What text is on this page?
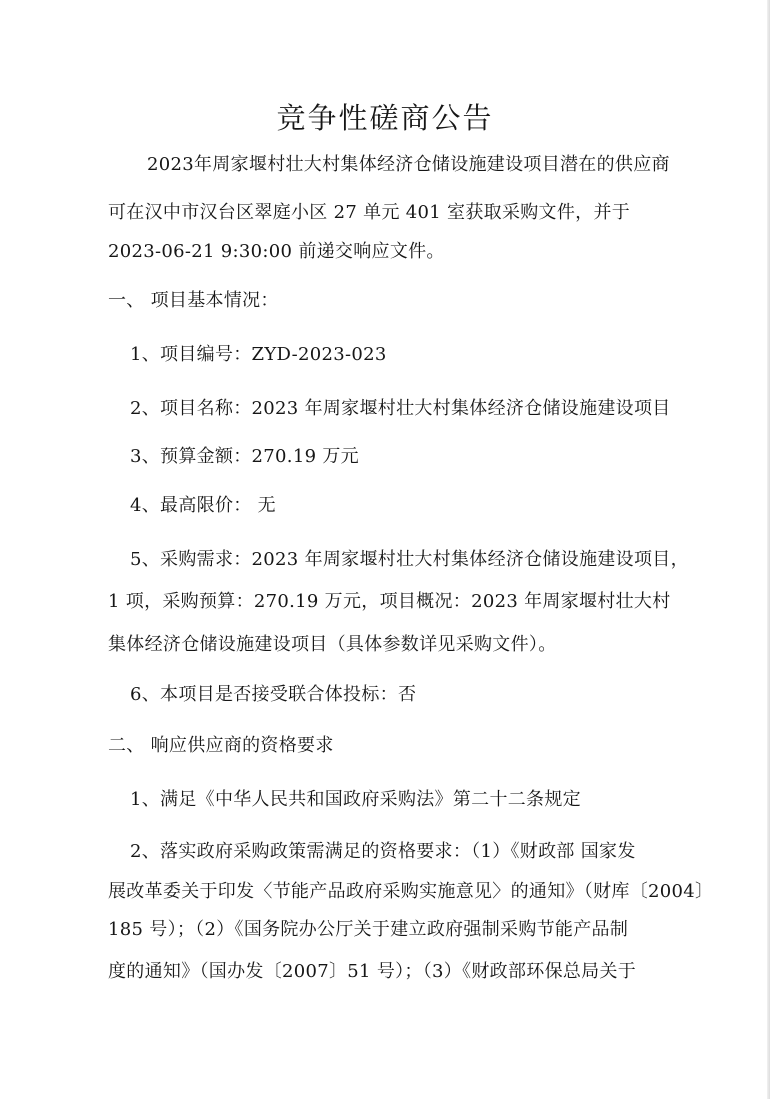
竞争性磋商公告
2023年周家堰村壮大村集体经济仓储设施建设项目潜在的供应商
可在汉中市汉台区翠庭小区 27 单元 401 室获取采购文件，并于
2023-06-21 9:30:00 前递交响应文件。
一、 项目基本情况：
1、项目编号：ZYD-2023-023
2、项目名称：2023 年周家堰村壮大村集体经济仓储设施建设项目
3、预算金额：270.19 万元
4、最高限价： 无
5、采购需求：2023 年周家堰村壮大村集体经济仓储设施建设项目，
1 项，采购预算：270.19 万元，项目概况：2023 年周家堰村壮大村
集体经济仓储设施建设项目（具体参数详见采购文件）。
6、本项目是否接受联合体投标：否
二、 响应供应商的资格要求
1、满足《中华人民共和国政府采购法》第二十二条规定
2、落实政府采购政策需满足的资格要求：（1）《财政部 国家发
展改革委关于印发〈节能产品政府采购实施意见〉的通知》（财库〔2004〕
185 号）；（2）《国务院办公厅关于建立政府强制采购节能产品制
度的通知》（国办发〔2007〕51 号）；（3）《财政部环保总局关于
